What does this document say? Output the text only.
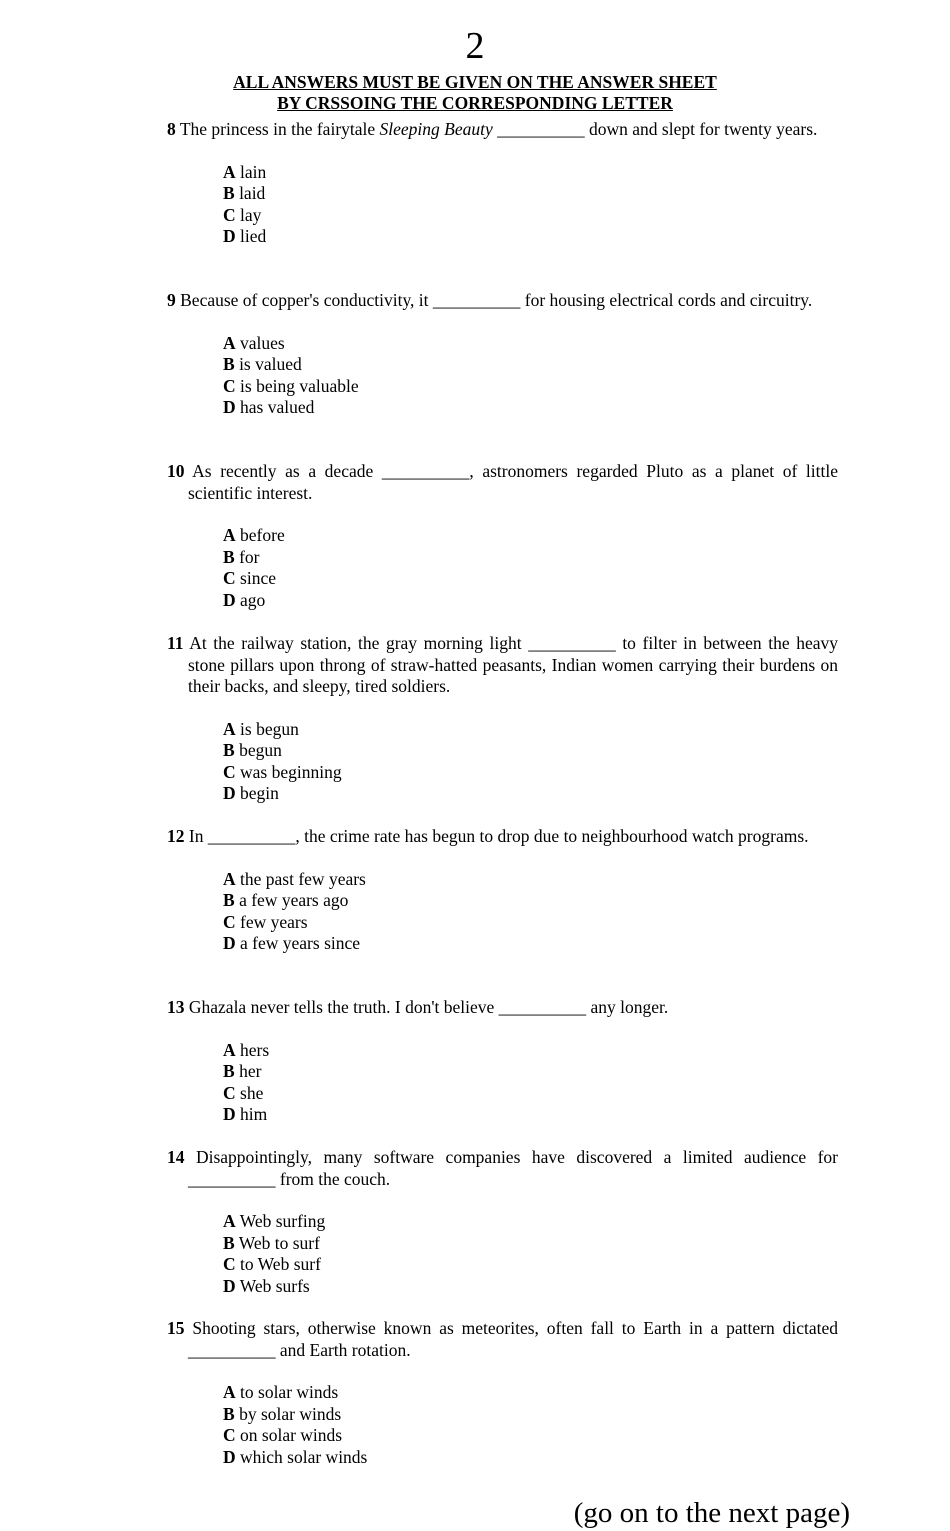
2
ALL ANSWERS MUST BE GIVEN ON THE ANSWER SHEET
BY CRSSOING THE CORRESPONDING LETTER
8 The princess in the fairytale Sleeping Beauty __________ down and slept for twenty years.
A lain
B laid
C lay
D lied
9 Because of copper's conductivity, it __________ for housing electrical cords and circuitry.
A values
B is valued
C is being valuable
D has valued
10 As recently as a decade __________, astronomers regarded Pluto as a planet of little scientific interest.
A before
B for
C since
D ago
11 At the railway station, the gray morning light __________ to filter in between the heavy stone pillars upon throng of straw-hatted peasants, Indian women carrying their burdens on their backs, and sleepy, tired soldiers.
A is begun
B begun
C was beginning
D begin
12 In __________, the crime rate has begun to drop due to neighbourhood watch programs.
A the past few years
B a few years ago
C few years
D a few years since
13 Ghazala never tells the truth. I don't believe __________ any longer.
A hers
B her
C she
D him
14 Disappointingly, many software companies have discovered a limited audience for __________ from the couch.
A Web surfing
B Web to surf
C to Web surf
D Web surfs
15 Shooting stars, otherwise known as meteorites, often fall to Earth in a pattern dictated __________ and Earth rotation.
A to solar winds
B by solar winds
C on solar winds
D which solar winds
(go on to the next page)
